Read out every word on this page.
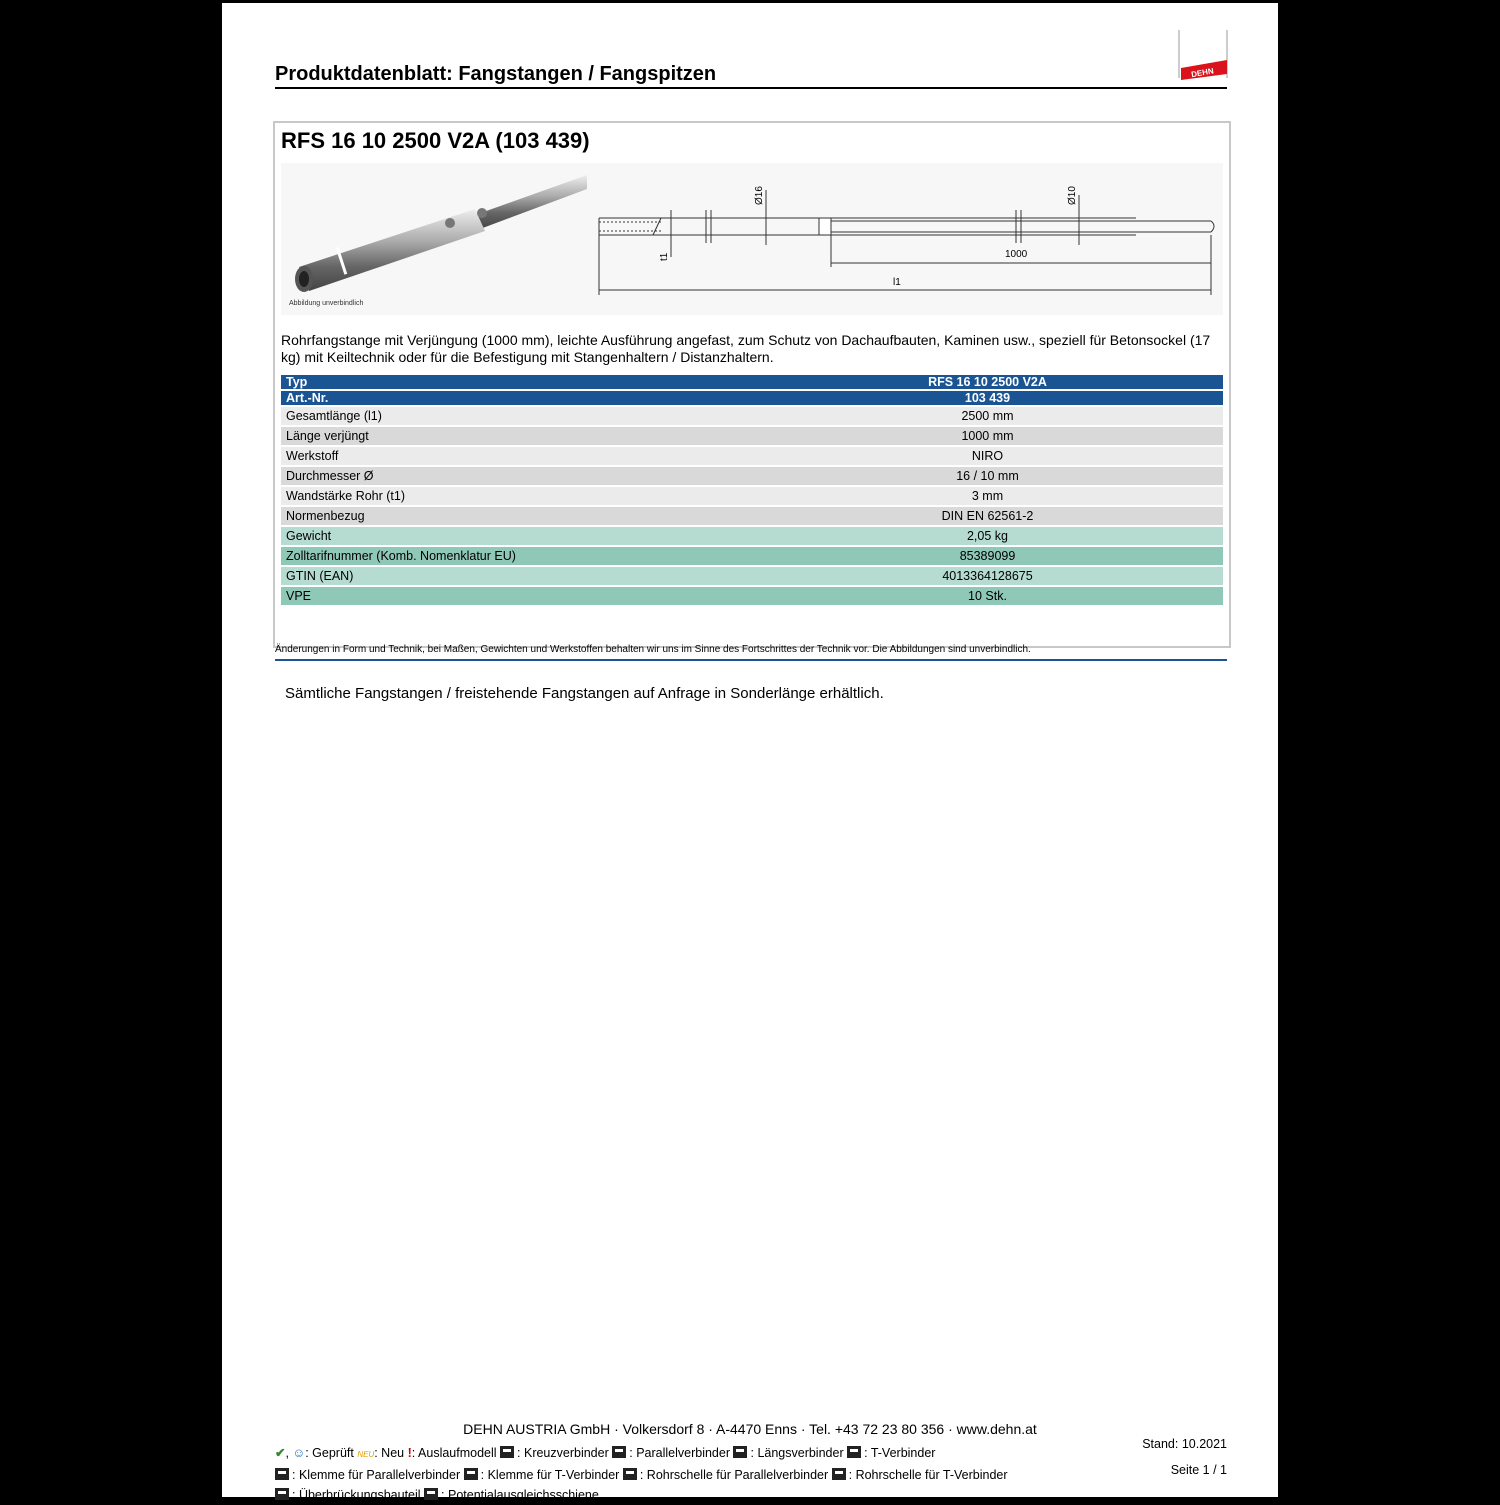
Produktdatenblatt: Fangstangen / Fangspitzen	DEHN
RFS 16 10 2500 V2A (103 439)
Abbildung unverbindlich
Ø16	Ø10
t1	1000
l1
Rohrfangstange mit Verjüngung (1000 mm), leichte Ausführung angefast, zum Schutz von Dachaufbauten, Kaminen usw., speziell für Betonsockel (17 kg) mit Keiltechnik oder für die Befestigung mit Stangenhaltern / Distanzhaltern.
Typ	RFS 16 10 2500 V2A
Art.-Nr.	103 439
Gesamtlänge (l1)	2500 mm
Länge verjüngt	1000 mm
Werkstoff	NIRO
Durchmesser Ø	16 / 10 mm
Wandstärke Rohr (t1)	3 mm
Normenbezug	DIN EN 62561-2
Gewicht	2,05 kg
Zolltarifnummer (Komb. Nomenklatur EU)	85389099
GTIN (EAN)	4013364128675
VPE	10 Stk.
Änderungen in Form und Technik, bei Maßen, Gewichten und Werkstoffen behalten wir uns im Sinne des Fortschrittes der Technik vor. Die Abbildungen sind unverbindlich.
Sämtliche Fangstangen / freistehende Fangstangen auf Anfrage in Sonderlänge erhältlich.
DEHN AUSTRIA GmbH · Volkersdorf 8 · A-4470 Enns · Tel. +43 72 23 80 356 · www.dehn.at
✔, ☺: Geprüft NEU: Neu !: Auslaufmodell : Kreuzverbinder : Parallelverbinder : Längsverbinder : T-Verbinder
: Klemme für Parallelverbinder : Klemme für T-Verbinder : Rohrschelle für Parallelverbinder : Rohrschelle für T-Verbinder
: Überbrückungsbauteil : Potentialausgleichsschiene
Stand: 10.2021
Seite 1 / 1
